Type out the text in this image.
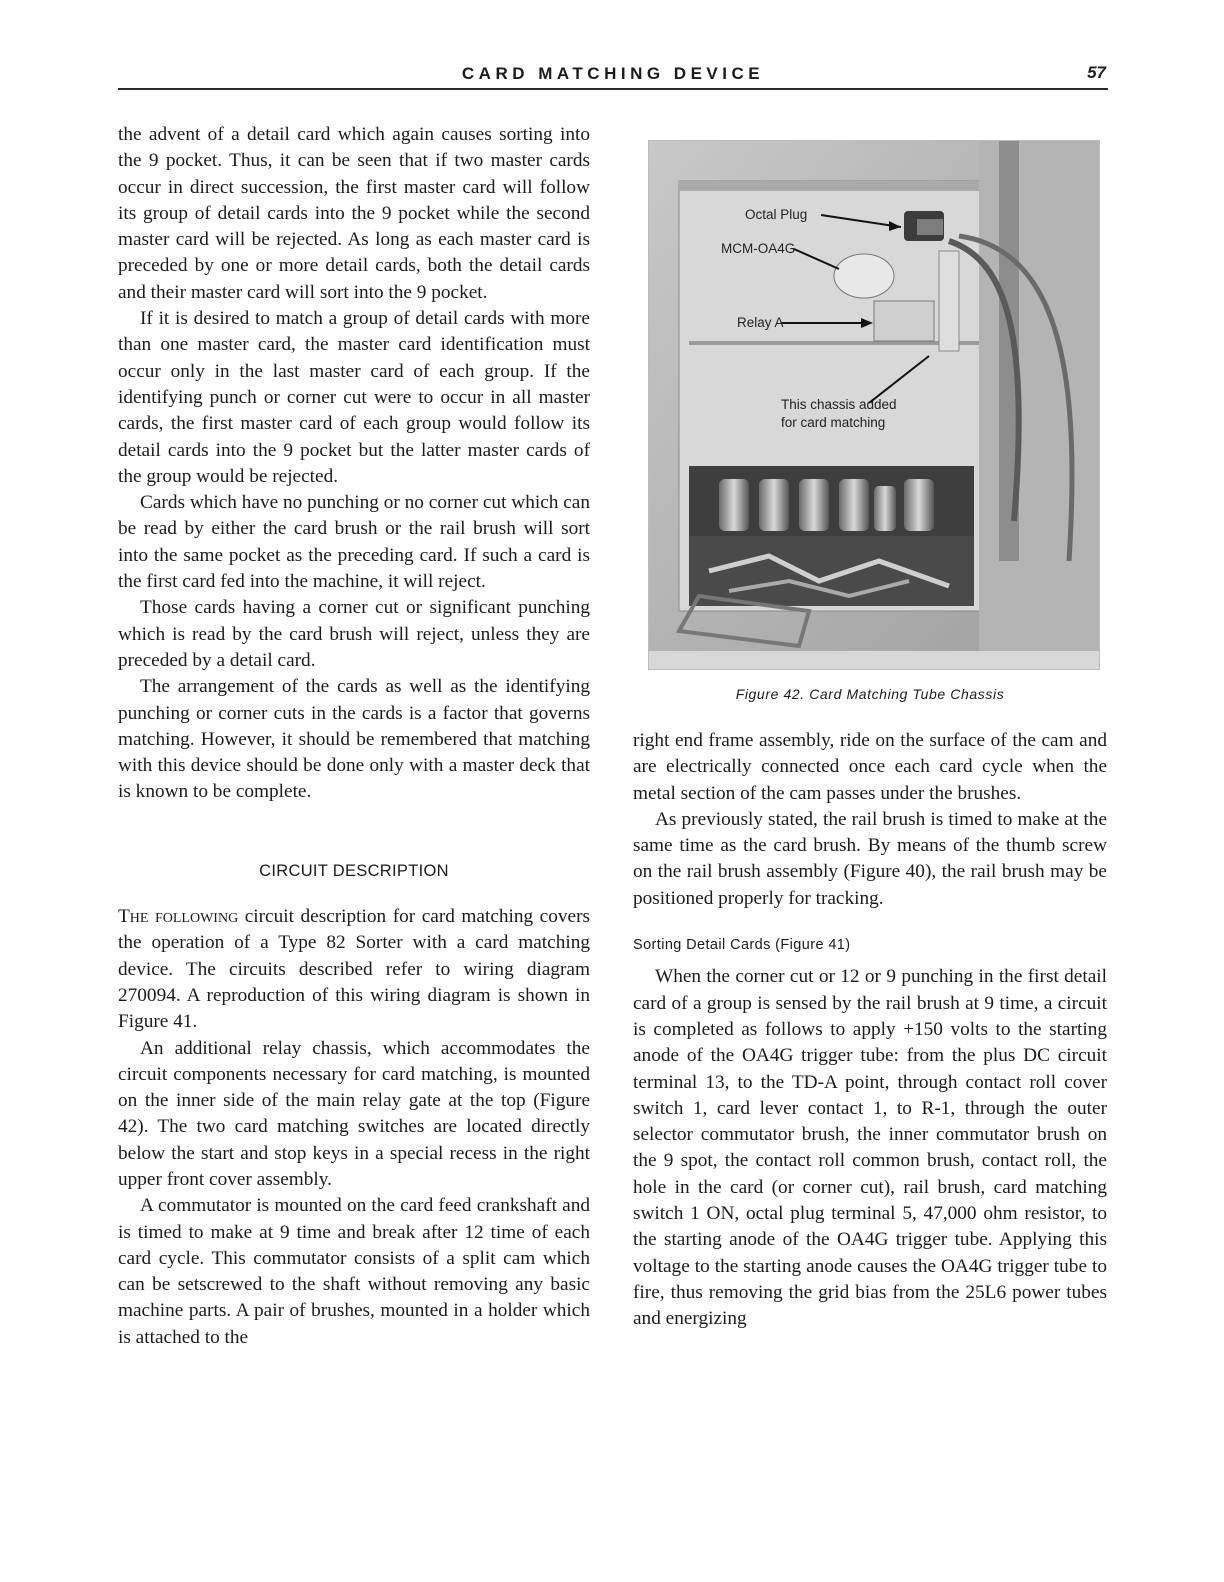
CARD MATCHING DEVICE	57

the advent of a detail card which again causes sorting into the 9 pocket. Thus, it can be seen that if two master cards occur in direct succession, the first master card will follow its group of detail cards into the 9 pocket while the second master card will be rejected. As long as each master card is preceded by one or more detail cards, both the detail cards and their master card will sort into the 9 pocket.

If it is desired to match a group of detail cards with more than one master card, the master card identification must occur only in the last master card of each group. If the identifying punch or corner cut were to occur in all master cards, the first master card of each group would follow its detail cards into the 9 pocket but the latter master cards of the group would be rejected.

Cards which have no punching or no corner cut which can be read by either the card brush or the rail brush will sort into the same pocket as the preceding card. If such a card is the first card fed into the machine, it will reject.

Those cards having a corner cut or significant punching which is read by the card brush will reject, unless they are preceded by a detail card.

The arrangement of the cards as well as the identifying punching or corner cuts in the cards is a factor that governs matching. However, it should be remembered that matching with this device should be done only with a master deck that is known to be complete.

CIRCUIT DESCRIPTION

The following circuit description for card matching covers the operation of a Type 82 Sorter with a card matching device. The circuits described refer to wiring diagram 270094. A reproduction of this wiring diagram is shown in Figure 41.

An additional relay chassis, which accommodates the circuit components necessary for card matching, is mounted on the inner side of the main relay gate at the top (Figure 42). The two card matching switches are located directly below the start and stop keys in a special recess in the right upper front cover assembly.

A commutator is mounted on the card feed crankshaft and is timed to make at 9 time and break after 12 time of each card cycle. This commutator consists of a split cam which can be setscrewed to the shaft without removing any basic machine parts. A pair of brushes, mounted in a holder which is attached to the

Octal Plug
MCM-OA4G
Relay A
This chassis added
for card matching
Figure 42. Card Matching Tube Chassis

right end frame assembly, ride on the surface of the cam and are electrically connected once each card cycle when the metal section of the cam passes under the brushes.

As previously stated, the rail brush is timed to make at the same time as the card brush. By means of the thumb screw on the rail brush assembly (Figure 40), the rail brush may be positioned properly for tracking.

Sorting Detail Cards (Figure 41)

When the corner cut or 12 or 9 punching in the first detail card of a group is sensed by the rail brush at 9 time, a circuit is completed as follows to apply +150 volts to the starting anode of the OA4G trigger tube: from the plus DC circuit terminal 13, to the TD-A point, through contact roll cover switch 1, card lever contact 1, to R-1, through the outer selector commutator brush, the inner commutator brush on the 9 spot, the contact roll common brush, contact roll, the hole in the card (or corner cut), rail brush, card matching switch 1 ON, octal plug terminal 5, 47,000 ohm resistor, to the starting anode of the OA4G trigger tube. Applying this voltage to the starting anode causes the OA4G trigger tube to fire, thus removing the grid bias from the 25L6 power tubes and energizing
